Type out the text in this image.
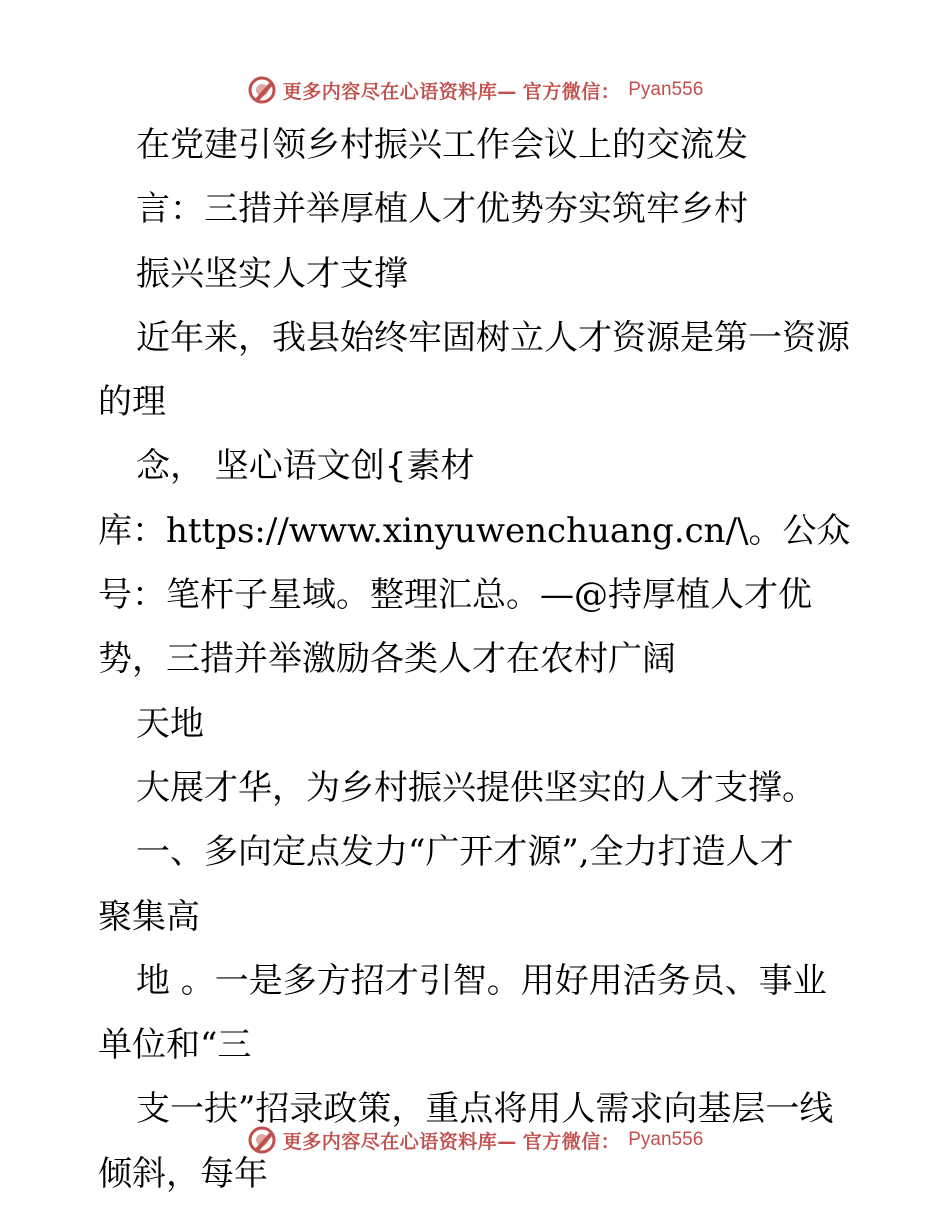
更多内容尽在心语资料库— 官方微信： Pyan556
在党建引领乡村振兴工作会议上的交流发
言：三措并举厚植人才优势夯实筑牢乡村
振兴坚实人才支撑
近年来，我县始终牢固树立人才资源是第一资源
的理
念， 坚心语文创{素材
库：https://www.xinyuwenchuang.cn/\。公众
号：笔杆子星域。整理汇总。—@持厚植人才优
势，三措并举激励各类人才在农村广阔
天地
大展才华，为乡村振兴提供坚实的人才支撑。
一、多向定点发力“广开才源”,全力打造人才
聚集高
地 。一是多方招才引智。用好用活务员、事业
单位和“三
支一扶”招录政策，重点将用人需求向基层一线
倾斜，每年
更多内容尽在心语资料库— 官方微信： Pyan556
